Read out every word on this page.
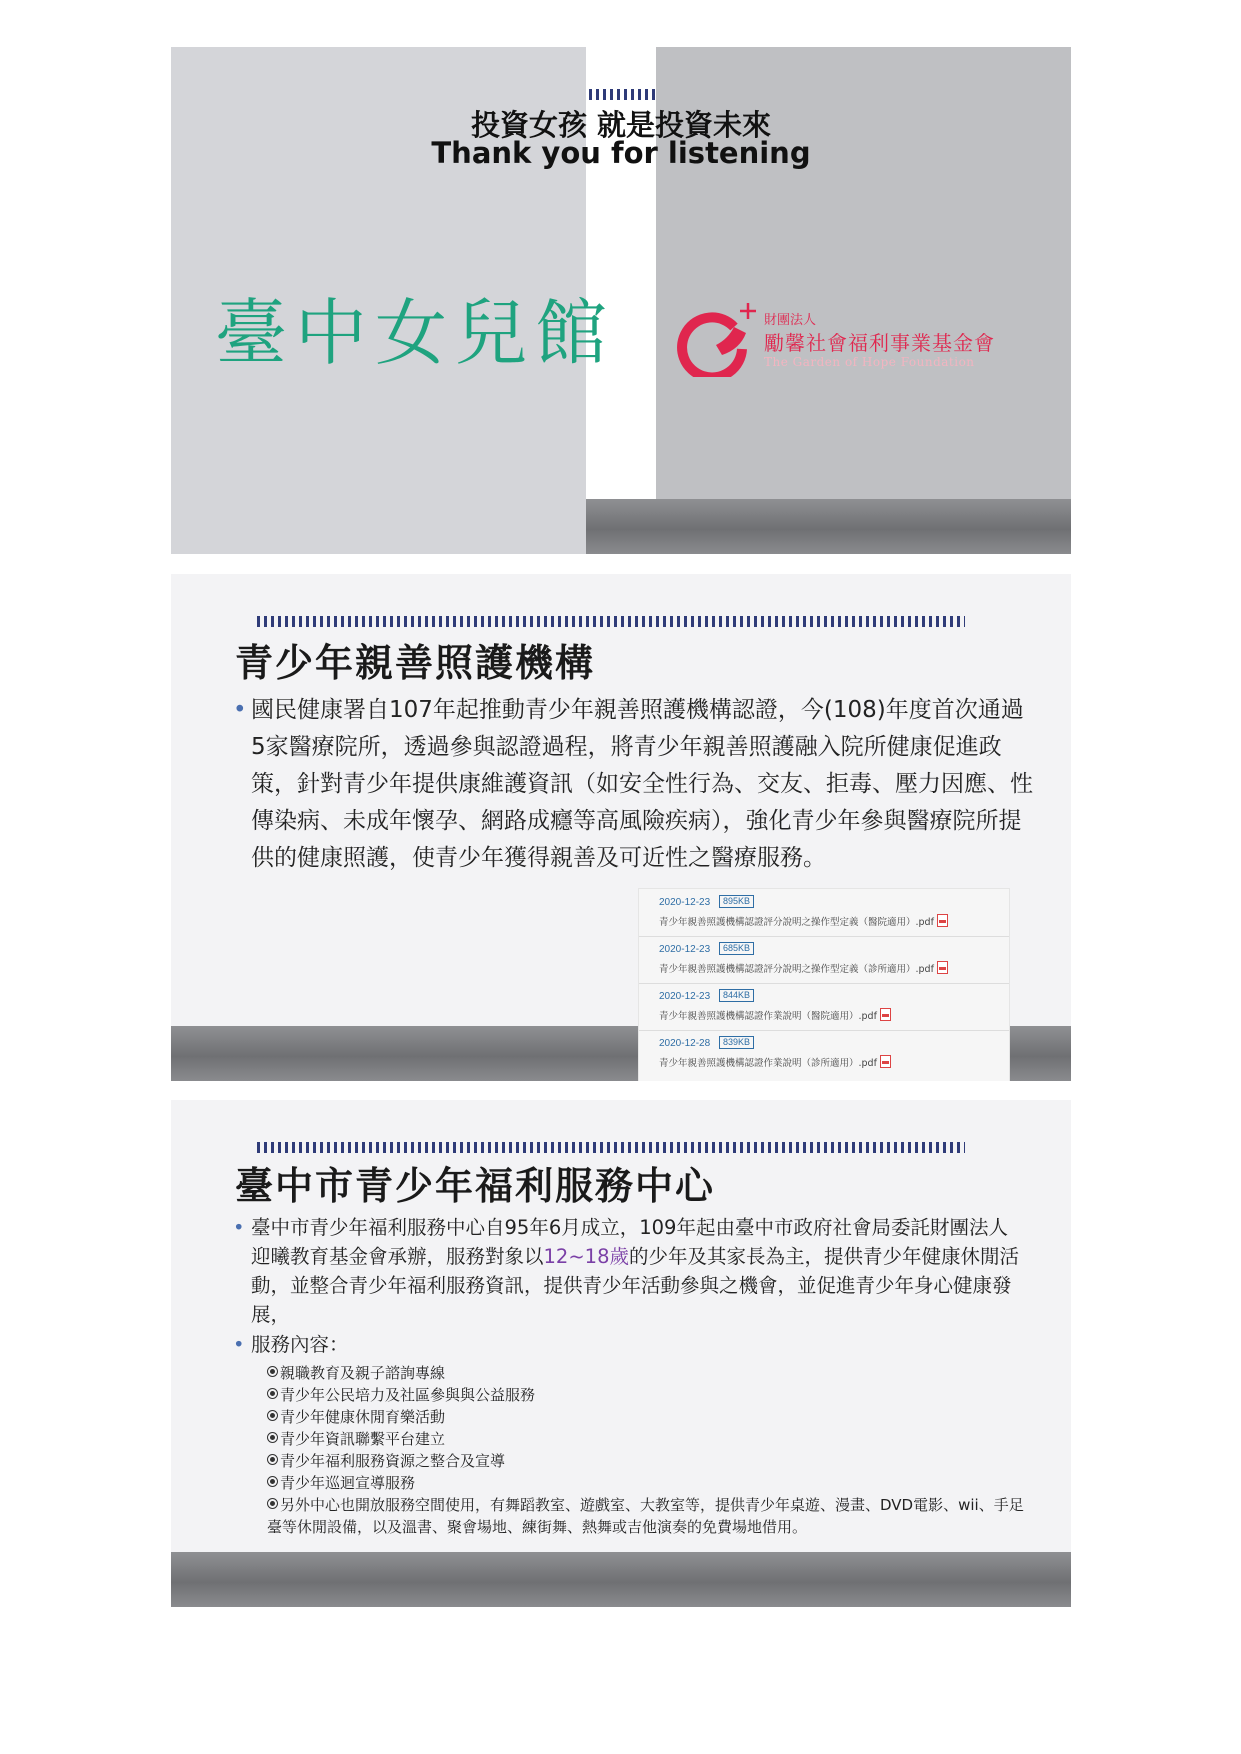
投資女孩 就是投資未來
Thank you for listening
臺中女兒館	財團法人
勵馨社會福利事業基金會
The Garden of Hope Foundation
青少年親善照護機構
• 國民健康署自107年起推動青少年親善照護機構認證，今(108)年度首次通過5家醫療院所，透過參與認證過程，將青少年親善照護融入院所健康促進政策，針對青少年提供康維護資訊（如安全性行為、交友、拒毒、壓力因應、性傳染病、未成年懷孕、網路成癮等高風險疾病），強化青少年參與醫療院所提供的健康照護，使青少年獲得親善及可近性之醫療服務。
2020-12-23	895KB
青少年親善照護機構認證評分說明之操作型定義（醫院適用）.pdf
2020-12-23	685KB
青少年親善照護機構認證評分說明之操作型定義（診所適用）.pdf
2020-12-23	844KB
青少年親善照護機構認證作業說明（醫院適用）.pdf
2020-12-28	839KB
青少年親善照護機構認證作業說明（診所適用）.pdf
臺中市青少年福利服務中心
• 臺中市青少年福利服務中心自95年6月成立，109年起由臺中市政府社會局委託財團法人迎曦教育基金會承辦，服務對象以12~18歲的少年及其家長為主，提供青少年健康休閒活動，並整合青少年福利服務資訊，提供青少年活動參與之機會，並促進青少年身心健康發展，
• 服務內容：
親職教育及親子諮詢專線
青少年公民培力及社區參與與公益服務
青少年健康休閒育樂活動
青少年資訊聯繫平台建立
青少年福利服務資源之整合及宣導
青少年巡迴宣導服務
另外中心也開放服務空間使用，有舞蹈教室、遊戲室、大教室等，提供青少年桌遊、漫畫、DVD電影、wii、手足臺等休閒設備，以及溫書、聚會場地、練街舞、熱舞或吉他演奏的免費場地借用。
